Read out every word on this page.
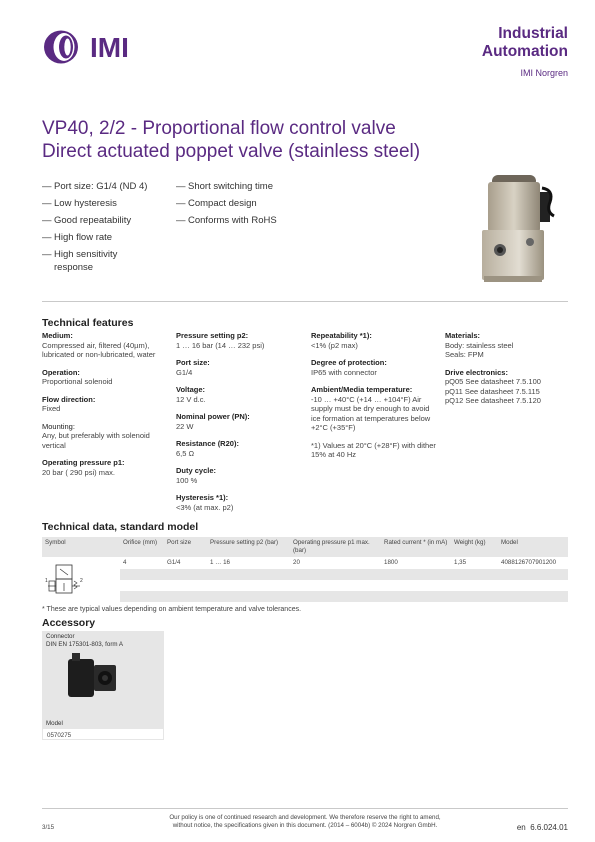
IMI	Industrial
Automation
IMI Norgren
VP40, 2/2 - Proportional flow control valve
Direct actuated poppet valve (stainless steel)
— Port size: G1/4 (ND 4)
— Low hysteresis
— Good repeatability
— High flow rate
— High sensitivity response
— Short switching time
— Compact design
— Conforms with RoHS
Technical features
Medium:
Compressed air, filtered (40µm), lubricated or non-lubricated, water
Operation:
Proportional solenoid
Flow direction:
Fixed
Mounting:
Any, but preferably with solenoid vertical
Operating pressure p1:
20 bar ( 290 psi) max.
Pressure setting p2:
1 … 16 bar (14 … 232 psi)
Port size:
G1/4
Voltage:
12 V d.c.
Nominal power (PN):
22 W
Resistance (R20):
6,5 Ω
Duty cycle:
100 %
Hysteresis *1):
<3% (at max. p2)
Repeatability *1):
<1% (p2 max)
Degree of protection:
IP65 with connector
Ambient/Media temperature:
-10 … +40°C (+14 … +104°F) Air supply must be dry enough to avoid ice formation at temperatures below +2°C (+35°F)
*1) Values at 20°C (+28°F) with dither 15% at 40 Hz
Materials:
Body: stainless steel
Seals: FPM
Drive electronics:
pQ05 See datasheet 7.5.100
pQ11 See datasheet 7.5.115
pQ12 See datasheet 7.5.120
Technical data, standard model
Symbol	Orifice (mm)	Port size	Pressure setting p2 (bar)	Operating pressure p1 max. (bar)	Rated current * (in mA)	Weight (kg)	Model

1 2	4	G1/4	1 … 16	20	1800	1,35	4088126707901200

* These are typical values depending on ambient temperature and valve tolerances.
Accessory
Connector
DIN EN 175301-803, form A
Model
0570275
Our policy is one of continued research and development. We therefore reserve the right to amend,
without notice, the specifications given in this document. (2014 – 6004b) © 2024 Norgren GmbH.
3/15	en 6.6.024.01
